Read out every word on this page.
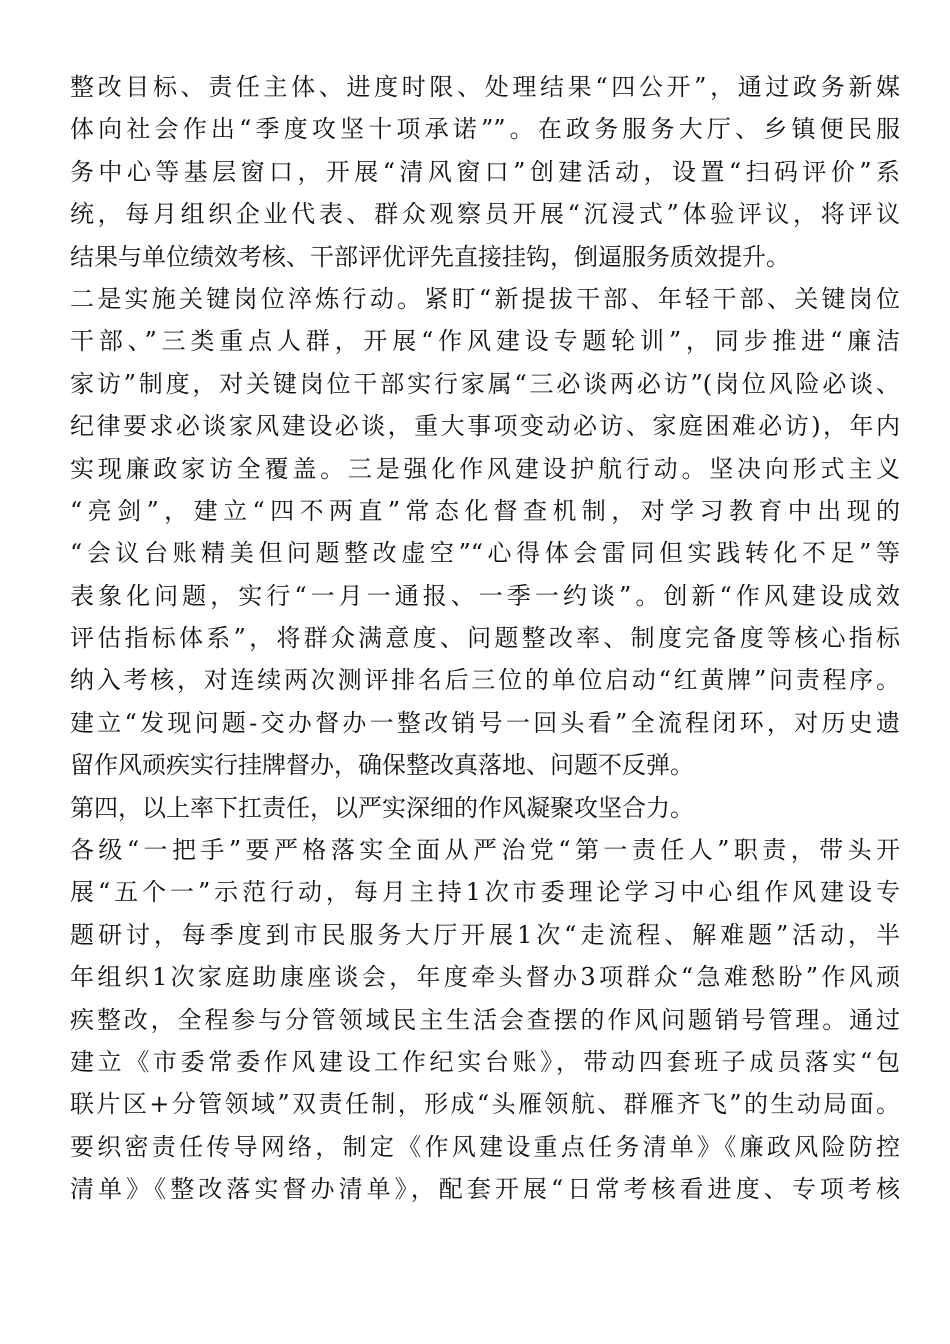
整改目标、责任主体、进度时限、处理结果“四公开”，通过政务新媒
体向社会作出“季度攻坚十项承诺””。在政务服务大厅、乡镇便民服
务中心等基层窗口，开展“清风窗口”创建活动，设置“扫码评价”系
统，每月组织企业代表、群众观察员开展“沉浸式”体验评议，将评议
结果与单位绩效考核、干部评优评先直接挂钩，倒逼服务质效提升。
二是实施关键岗位淬炼行动。紧盯“新提拔干部、年轻干部、关键岗位
干部、”三类重点人群，开展“作风建设专题轮训”，同步推进“廉洁
家访”制度，对关键岗位干部实行家属“三必谈两必访”(岗位风险必谈、
纪律要求必谈家风建设必谈，重大事项变动必访、家庭困难必访)，年内
实现廉政家访全覆盖。三是强化作风建设护航行动。坚决向形式主义
“亮剑”，建立“四不两直”常态化督查机制，对学习教育中出现的
“会议台账精美但问题整改虚空”“心得体会雷同但实践转化不足”等
表象化问题，实行“一月一通报、一季一约谈”。创新“作风建设成效
评估指标体系”，将群众满意度、问题整改率、制度完备度等核心指标
纳入考核，对连续两次测评排名后三位的单位启动“红黄牌”问责程序。
建立“发现问题-交办督办一整改销号一回头看”全流程闭环，对历史遗
留作风顽疾实行挂牌督办，确保整改真落地、问题不反弹。
第四，以上率下扛责任，以严实深细的作风凝聚攻坚合力。
各级“一把手”要严格落实全面从严治党“第一责任人”职责，带头开
展“五个一”示范行动，每月主持1次市委理论学习中心组作风建设专
题研讨，每季度到市民服务大厅开展1次“走流程、解难题”活动，半
年组织1次家庭助康座谈会，年度牵头督办3项群众“急难愁盼”作风顽
疾整改，全程参与分管领域民主生活会查摆的作风问题销号管理。通过
建立《市委常委作风建设工作纪实台账》，带动四套班子成员落实“包
联片区+分管领域”双责任制，形成“头雁领航、群雁齐飞”的生动局面。
要织密责任传导网络，制定《作风建设重点任务清单》《廉政风险防控
清单》《整改落实督办清单》，配套开展“日常考核看进度、专项考核
